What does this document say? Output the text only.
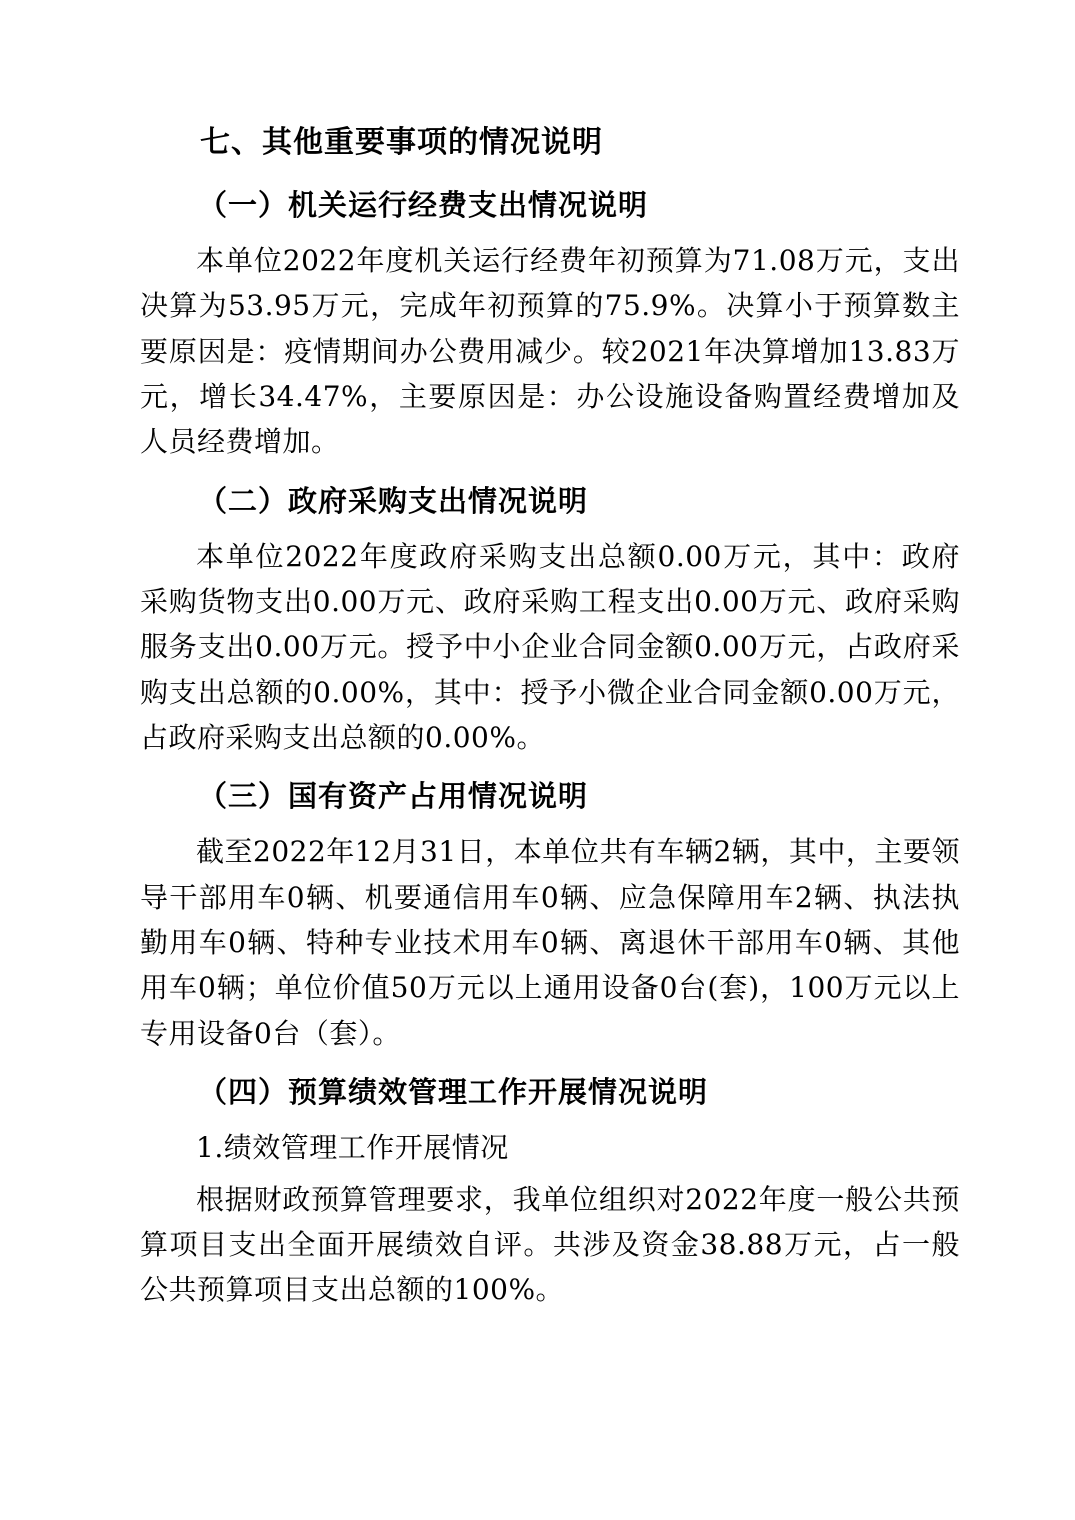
七、其他重要事项的情况说明
（一）机关运行经费支出情况说明

本单位2022年度机关运行经费年初预算为71.08万元，支出决算为53.95万元，完成年初预算的75.9%。决算小于预算数主要原因是：疫情期间办公费用减少。较2021年决算增加13.83万元，增长34.47%，主要原因是：办公设施设备购置经费增加及人员经费增加。

（二）政府采购支出情况说明

本单位2022年度政府采购支出总额0.00万元，其中：政府采购货物支出0.00万元、政府采购工程支出0.00万元、政府采购服务支出0.00万元。授予中小企业合同金额0.00万元，占政府采购支出总额的0.00%，其中：授予小微企业合同金额0.00万元，占政府采购支出总额的0.00%。

（三）国有资产占用情况说明

截至2022年12月31日，本单位共有车辆2辆，其中，主要领导干部用车0辆、机要通信用车0辆、应急保障用车2辆、执法执勤用车0辆、特种专业技术用车0辆、离退休干部用车0辆、其他用车0辆；单位价值50万元以上通用设备0台(套)，100万元以上专用设备0台（套）。

（四）预算绩效管理工作开展情况说明

1.绩效管理工作开展情况

根据财政预算管理要求，我单位组织对2022年度一般公共预算项目支出全面开展绩效自评。共涉及资金38.88万元，占一般公共预算项目支出总额的100%。
